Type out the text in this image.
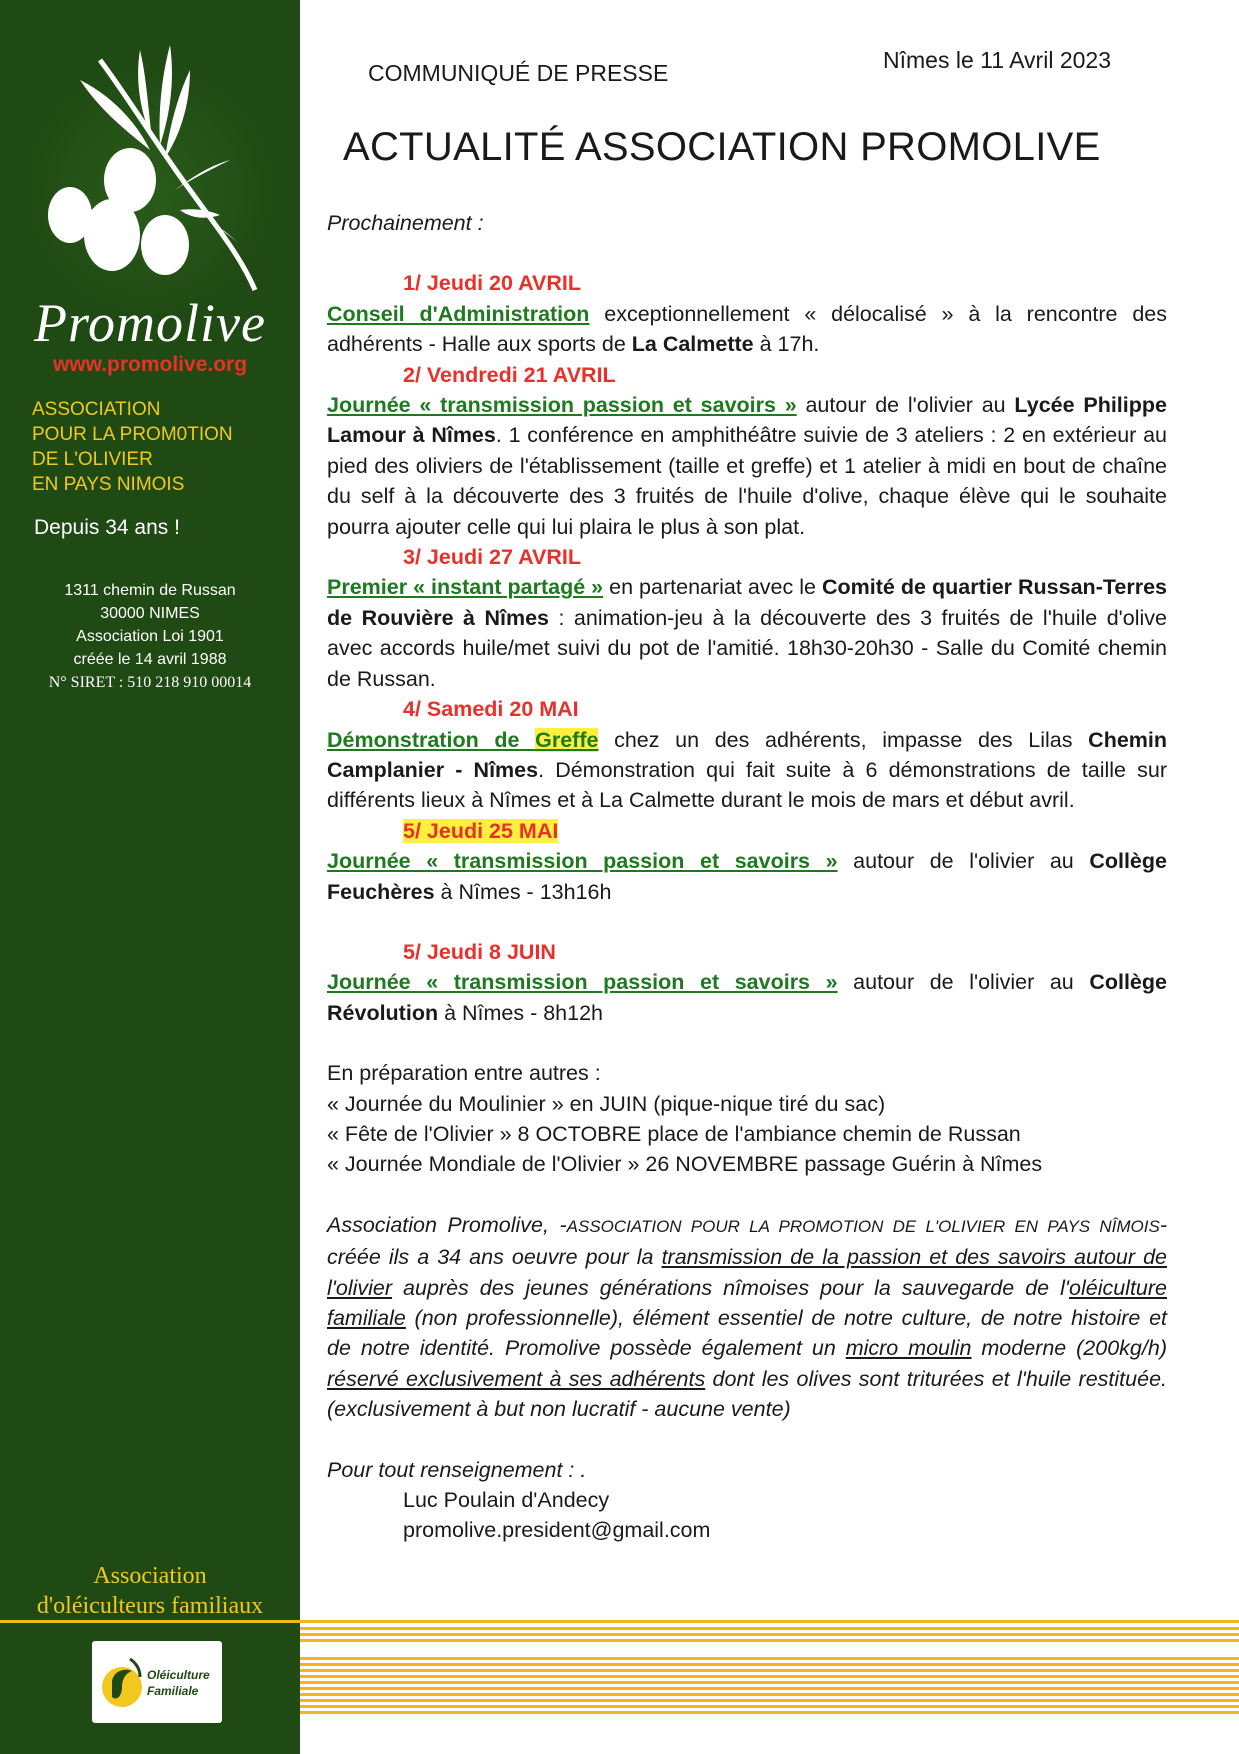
Promolive
www.promolive.org
ASSOCIATION
POUR LA PROM0TION
DE L'OLIVIER
EN PAYS NIMOIS
Depuis 34 ans !
1311 chemin de Russan
30000 NIMES
Association Loi 1901
créée le 14 avril 1988
N° SIRET : 510 218 910 00014
Association
d'oléiculteurs familiaux
Oléiculture
Familiale
COMMUNIQUÉ DE PRESSE	Nîmes le 11 Avril 2023
ACTUALITÉ ASSOCIATION PROMOLIVE

Prochainement :

1/ Jeudi 20 AVRIL

Conseil d'Administration exceptionnellement « délocalisé » à la rencontre des adhérents - Halle aux sports de La Calmette à 17h.

2/ Vendredi 21 AVRIL

Journée « transmission passion et savoirs » autour de l'olivier au Lycée Philippe Lamour à Nîmes. 1 conférence en amphithéâtre suivie de 3 ateliers : 2 en extérieur au pied des oliviers de l'établissement (taille et greffe) et 1 atelier à midi en bout de chaîne du self à la découverte des 3 fruités de l'huile d'olive, chaque élève qui le souhaite pourra ajouter celle qui lui plaira le plus à son plat.

3/ Jeudi 27 AVRIL

Premier « instant partagé » en partenariat avec le Comité de quartier Russan-Terres de Rouvière à Nîmes : animation-jeu à la découverte des 3 fruités de l'huile d'olive avec accords huile/met suivi du pot de l'amitié. 18h30-20h30 - Salle du Comité chemin de Russan.

4/ Samedi 20 MAI

Démonstration de Greffe chez un des adhérents, impasse des Lilas Chemin Camplanier - Nîmes. Démonstration qui fait suite à 6 démonstrations de taille sur différents lieux à Nîmes et à La Calmette durant le mois de mars et début avril.

5/ Jeudi 25 MAI

Journée « transmission passion et savoirs » autour de l'olivier au Collège Feuchères à Nîmes - 13h16h

5/ Jeudi 8 JUIN

Journée « transmission passion et savoirs » autour de l'olivier au Collège Révolution à Nîmes - 8h12h

En préparation entre autres :

« Journée du Moulinier » en JUIN (pique-nique tiré du sac)

« Fête de l'Olivier » 8 OCTOBRE place de l'ambiance chemin de Russan

« Journée Mondiale de l'Olivier » 26 NOVEMBRE passage Guérin à Nîmes

Association Promolive, -ASSOCIATION POUR LA PROMOTION DE L'OLIVIER EN PAYS NÎMOIS- créée ils a 34 ans oeuvre pour la transmission de la passion et des savoirs autour de l'olivier auprès des jeunes générations nîmoises pour la sauvegarde de l'oléiculture familiale (non professionnelle), élément essentiel de notre culture, de notre histoire et de notre identité. Promolive possède également un micro moulin moderne (200kg/h) réservé exclusivement à ses adhérents dont les olives sont triturées et l'huile restituée. (exclusivement à but non lucratif - aucune vente)

Pour tout renseignement : .

Luc Poulain d'Andecy

promolive.president@gmail.com
